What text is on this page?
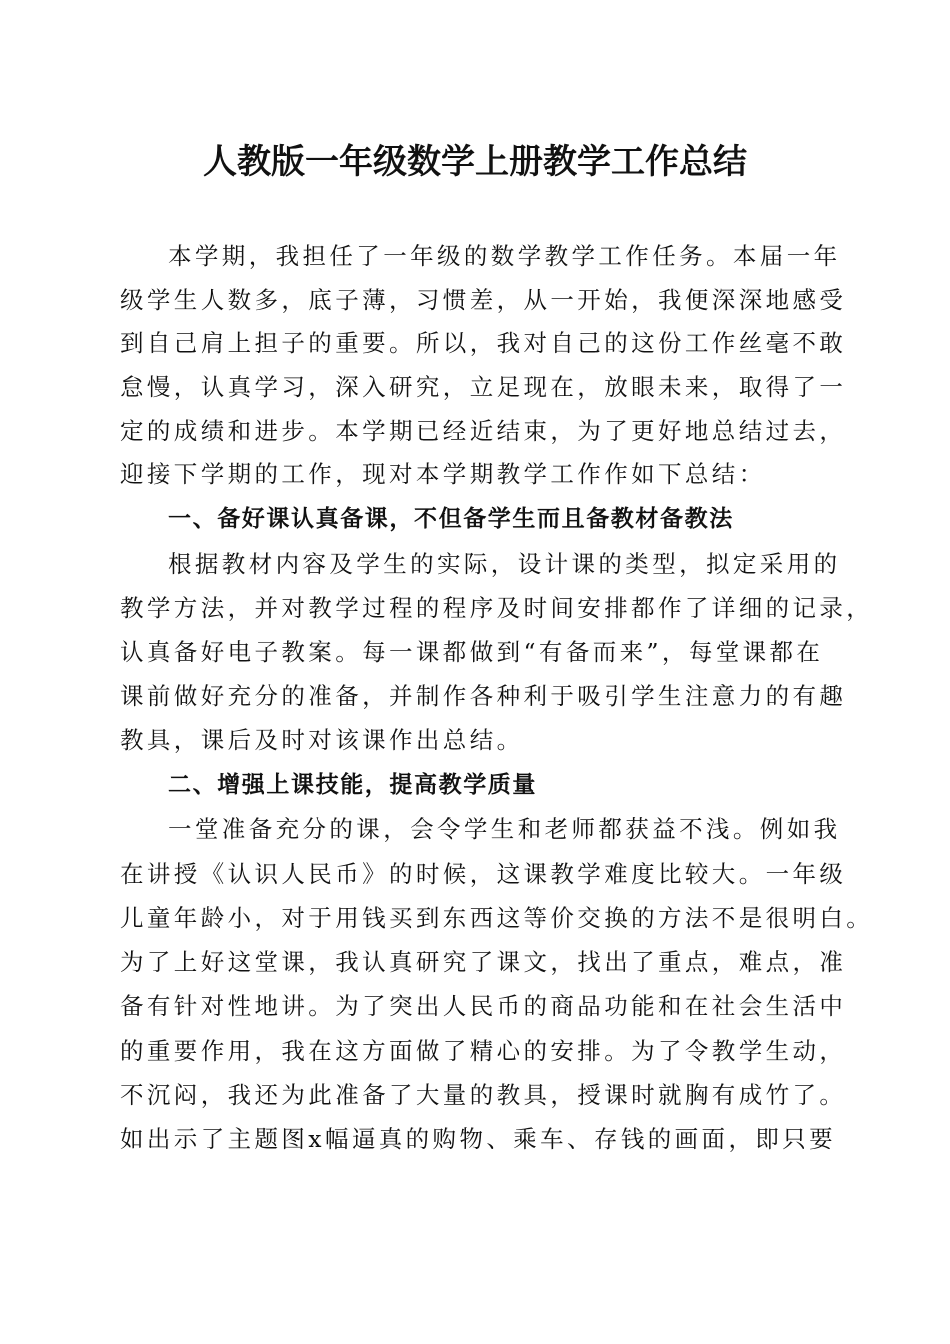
人教版一年级数学上册教学工作总结
本学期，我担任了一年级的数学教学工作任务。本届一年
级学生人数多，底子薄，习惯差，从一开始，我便深深地感受
到自己肩上担子的重要。所以，我对自己的这份工作丝毫不敢
怠慢，认真学习，深入研究，立足现在，放眼未来，取得了一
定的成绩和进步。本学期已经近结束，为了更好地总结过去，
迎接下学期的工作，现对本学期教学工作作如下总结：
一、备好课认真备课，不但备学生而且备教材备教法
根据教材内容及学生的实际，设计课的类型，拟定采用的
教学方法，并对教学过程的程序及时间安排都作了详细的记录，
认真备好电子教案。每一课都做到“有备而来”，每堂课都在
课前做好充分的准备，并制作各种利于吸引学生注意力的有趣
教具，课后及时对该课作出总结。
二、增强上课技能，提高教学质量
一堂准备充分的课，会令学生和老师都获益不浅。例如我
在讲授《认识人民币》的时候，这课教学难度比较大。一年级
儿童年龄小，对于用钱买到东西这等价交换的方法不是很明白。
为了上好这堂课，我认真研究了课文，找出了重点，难点，准
备有针对性地讲。为了突出人民币的商品功能和在社会生活中
的重要作用，我在这方面做了精心的安排。为了令教学生动，
不沉闷，我还为此准备了大量的教具，授课时就胸有成竹了。
如出示了主题图x幅逼真的购物、乘车、存钱的画面，即只要
